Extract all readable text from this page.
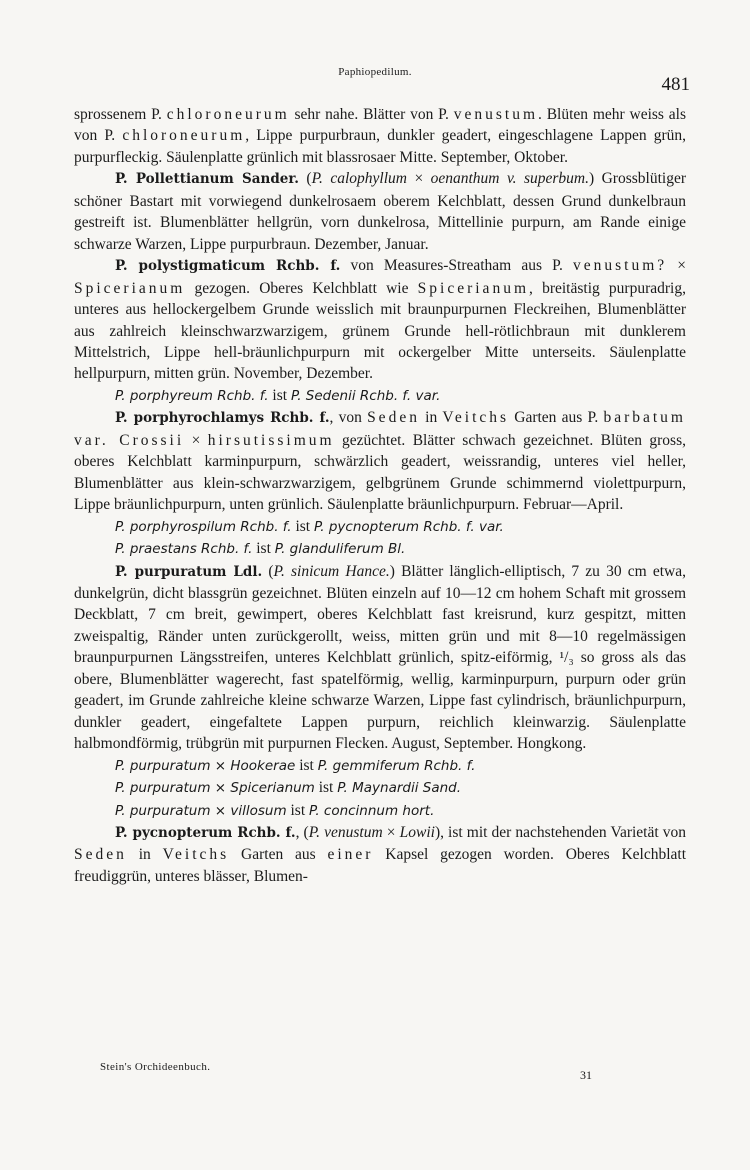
Paphiopedilum.
481

sprossenem P. chloroneurum sehr nahe. Blätter von P. venustum. Blüten mehr weiss als von P. chloroneurum, Lippe purpurbraun, dunkler geadert, eingeschlagene Lappen grün, purpurfleckig. Säulenplatte grünlich mit blassrosaer Mitte. September, Oktober.

P. Pollettianum Sander. (P. calophyllum × oenanthum v. superbum.) Grossblütiger schöner Bastart mit vorwiegend dunkelrosaem oberem Kelchblatt, dessen Grund dunkelbraun gestreift ist. Blumenblätter hellgrün, vorn dunkelrosa, Mittellinie purpurn, am Rande einige schwarze Warzen, Lippe purpurbraun. Dezember, Januar.

P. polystigmaticum Rchb. f. von Measures-Streatham aus P. venustum? × Spicerianum gezogen. Oberes Kelchblatt wie Spicerianum, breitästig purpuradrig, unteres aus hellockergelbem Grunde weisslich mit braunpurpurnen Fleckreihen, Blumenblätter aus zahlreich kleinschwarzwarzigem, grünem Grunde hell-rötlichbraun mit dunklerem Mittelstrich, Lippe hell-bräunlichpurpurn mit ockergelber Mitte unterseits. Säulenplatte hellpurpurn, mitten grün. November, Dezember.

P. porphyreum Rchb. f. ist P. Sedenii Rchb. f. var.

P. porphyrochlamys Rchb. f., von Seden in Veitchs Garten aus P. barbatum var. Crossii × hirsutissimum gezüchtet. Blätter schwach gezeichnet. Blüten gross, oberes Kelchblatt karminpurpurn, schwärzlich geadert, weissrandig, unteres viel heller, Blumenblätter aus klein-schwarzwarzigem, gelbgrünem Grunde schimmernd violettpurpurn, Lippe bräunlichpurpurn, unten grünlich. Säulenplatte bräunlichpurpurn. Februar—April.

P. porphyrospilum Rchb. f. ist P. pycnopterum Rchb. f. var.

P. praestans Rchb. f. ist P. glanduliferum Bl.

P. purpuratum Ldl. (P. sinicum Hance.) Blätter länglich-elliptisch, 7 zu 30 cm etwa, dunkelgrün, dicht blassgrün gezeichnet. Blüten einzeln auf 10—12 cm hohem Schaft mit grossem Deckblatt, 7 cm breit, gewimpert, oberes Kelchblatt fast kreisrund, kurz gespitzt, mitten zweispaltig, Ränder unten zurückgerollt, weiss, mitten grün und mit 8—10 regelmässigen braunpurpurnen Längsstreifen, unteres Kelchblatt grünlich, spitz-eiförmig, ¹/₃ so gross als das obere, Blumenblätter wagerecht, fast spatelförmig, wellig, karminpurpurn, purpurn oder grün geadert, im Grunde zahlreiche kleine schwarze Warzen, Lippe fast cylindrisch, bräunlichpurpurn, dunkler geadert, eingefaltete Lappen purpurn, reichlich kleinwarzig. Säulenplatte halbmondförmig, trübgrün mit purpurnen Flecken. August, September. Hongkong.

P. purpuratum × Hookerae ist P. gemmiferum Rchb. f.

P. purpuratum × Spicerianum ist P. Maynardii Sand.

P. purpuratum × villosum ist P. concinnum hort.

P. pycnopterum Rchb. f., (P. venustum × Lowii), ist mit der nachstehenden Varietät von Seden in Veitchs Garten aus einer Kapsel gezogen worden. Oberes Kelchblatt freudiggrün, unteres blässer, Blumen-

Stein's Orchideenbuch.
31
